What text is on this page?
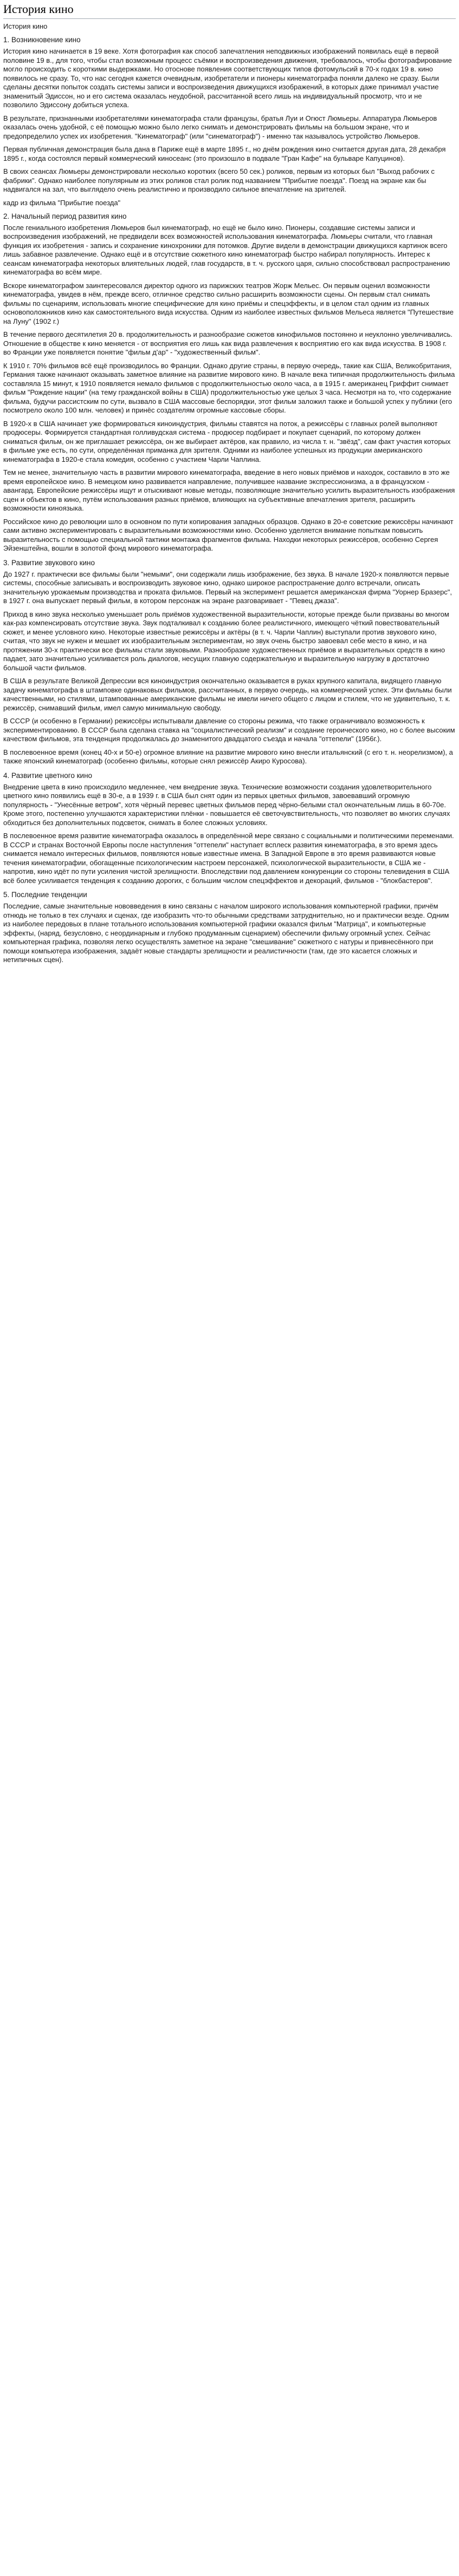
История кино
История кино
1. Возникновение кино

История кино начинается в 19 веке. Хотя фотография как способ запечатления неподвижных изображений появилась ещё в первой половине 19 в., для того, чтобы стал возможным процесс съёмки и воспроизведения движения, требовалось, чтобы фотографирование могло происходить с короткими выдержками. Но отоснове появления соответствующих типов фотомульсий в 70-х годах 19 в. кино появилось не сразу. То, что нас сегодня кажется очевидным, изобретатели и пионеры кинематографа поняли далеко не сразу. Были сделаны десятки попыток создать системы записи и воспроизведения движущихся изображений, в которых даже принимал участие знаменитый Эдиссон, но и его система оказалась неудобной, рассчитанной всего лишь на индивидуальный просмотр, что и не позволило Эдиссону добиться успеха.

В результате, признанными изобретателями кинематографа стали французы, братья Луи и Огюст Люмьеры. Аппаратура Люмьеров оказалась очень удобной, с её помощью можно было легко снимать и демонстрировать фильмы на большом экране, что и предопределило успех их изобретения. "Кинематограф" (или "синематограф") - именно так называлось устройство Люмьеров.

Первая публичная демонстрация была дана в Париже ещё в марте 1895 г., но днём рождения кино считается другая дата, 28 декабря 1895 г., когда состоялся первый коммерческий киносеанс (это произошло в подвале "Гран Кафе" на бульваре Капуцинов).

В своих сеансах Люмьеры демонстрировали несколько коротких (всего 50 сек.) роликов, первым из которых был "Выход рабочих с фабрики". Однако наиболее популярным из этих роликов стал ролик под названием "Прибытие поезда". Поезд на экране как бы надвигался на зал, что выглядело очень реалистично и производило сильное впечатление на зрителей.

кадр из фильма "Прибытие поезда"
2. Начальный период развития кино

После гениального изобретения Люмьеров был кинематограф, но ещё не было кино. Пионеры, создавшие системы записи и воспроизведения изображений, не предвидели всех возможностей использования кинематографа. Люмьеры считали, что главная функция их изобретения - запись и сохранение кинохроники для потомков. Другие видели в демонстрации движущихся картинок всего лишь забавное развлечение. Однако ещё и в отсутствие сюжетного кино кинематограф быстро набирал популярность. Интерес к сеансам кинематографа некоторых влиятельных людей, глав государств, в т. ч. русского царя, сильно способствовал распространению кинематографа во всём мире.

Вскоре кинематографом заинтересовался директор одного из парижских театров Жорж Мельес. Он первым оценил возможности кинематографа, увидев в нём, прежде всего, отличное средство сильно расширить возможности сцены. Он первым стал снимать фильмы по сценариям, использовать многие специфические для кино приёмы и спецэффекты, и в целом стал одним из главных основоположников кино как самостоятельного вида искусства. Одним из наиболее известных фильмов Мельеса является "Путешествие на Луну" (1902 г.)

В течение первого десятилетия 20 в. продолжительность и разнообразие сюжетов кинофильмов постоянно и неуклонно увеличивались. Отношение в обществе к кино меняется - от восприятия его лишь как вида развлечения к восприятию его как вида искусства. В 1908 г. во Франции уже появляется понятие "фильм д'ар" - "художественный фильм".

К 1910 г. 70% фильмов всё ещё производилось во Франции. Однако другие страны, в первую очередь, такие как США, Великобритания, Германия также начинают оказывать заметное влияние на развитие мирового кино. В начале века типичная продолжительность фильма составляла 15 минут, к 1910 появляется немало фильмов с продолжительностью около часа, а в 1915 г. американец Гриффит снимает фильм "Рождение нации" (на тему гражданской войны в США) продолжительностью уже целых 3 часа. Несмотря на то, что содержание фильма, будучи рассистским по сути, вызвало в США массовые беспорядки, этот фильм заложил также и большой успех у публики (его посмотрело около 100 млн. человек) и принёс создателям огромные кассовые сборы.

В 1920-х в США начинает уже формироваться киноиндустрия, фильмы ставятся на поток, а режиссёры с главных ролей выполняют продюсеры. Формируется стандартная голливудская система - продюсер подбирает и покупает сценарий, по которому должен сниматься фильм, он же приглашает режиссёра, он же выбирает актёров, как правило, из числа т. н. "звёзд", сам факт участия которых в фильме уже есть, по сути, определённая приманка для зрителя. Одними из наиболее успешных из продукции американского кинематографа в 1920-е стала комедия, особенно с участием Чарли Чаплина.

Тем не менее, значительную часть в развитии мирового кинематографа, введение в него новых приёмов и находок, составило в это же время европейское кино. В немецком кино развивается направление, получившее название экспрессионизма, а в французском - авангард. Европейские режиссёры ищут и отыскивают новые методы, позволяющие значительно усилить выразительность изображения сцен и объектов в кино, путём использования разных приёмов, влияющих на субъективные впечатления зрителя, расширить возможности киноязыка.

Российское кино до революции шло в основном по пути копирования западных образцов. Однако в 20-е советские режиссёры начинают сами активно экспериментировать с выразительными возможностями кино. Особенно уделяется внимание попыткам повысить выразительность с помощью специальной тактики монтажа фрагментов фильма. Находки некоторых режиссёров, особенно Сергея Эйзенштейна, вошли в золотой фонд мирового кинематографа.

3. Развитие звукового кино

До 1927 г. практически все фильмы были "немыми", они содержали лишь изображение, без звука. В начале 1920-х появляются первые системы, способные записывать и воспроизводить звуковое кино, однако широкое распространение долго встречали, описать значительную урожаемым производства и проката фильмов. Первый на эксперимент решается американская фирма "Уорнер Бразерс", в 1927 г. она выпускает первый фильм, в котором персонаж на экране разговаривает - "Певец джаза".

Приход в кино звука несколько уменьшает роль приёмов художественной выразительности, которые прежде были призваны во многом как-раз компенсировать отсутствие звука. Звук подталкивал к созданию более реалистичного, имеющего чёткий повествовательный сюжет, и менее условного кино. Некоторые известные режиссёры и актёры (в т. ч. Чарли Чаплин) выступали против звукового кино, считая, что звук не нужен и мешает их изобразительным экспериментам, но звук очень быстро завоевал себе место в кино, и на протяжении 30-х практически все фильмы стали звуковыми. Разнообразие художественных приёмов и выразительных средств в кино падает, зато значительно усиливается роль диалогов, несущих главную содержательную и выразительную нагрузку в достаточно большой части фильмов.

В США в результате Великой Депрессии вся киноиндустрия окончательно оказывается в руках крупного капитала, видящего главную задачу кинематографа в штамповке одинаковых фильмов, рассчитанных, в первую очередь, на коммерческий успех. Эти фильмы были качественными, но стилями, штампованные американские фильмы не имели ничего общего с лицом и стилем, что не удивительно, т. к. режиссёр, снимавший фильм, имел самую минимальную свободу.

В СССР (и особенно в Германии) режиссёры испытывали давление со стороны режима, что также ограничивало возможность к экспериментированию. В СССР была сделана ставка на "социалистический реализм" и создание героического кино, но с более высоким качеством фильмов, эта тенденция продолжалась до знаменитого двадцатого съезда и начала "оттепели" (1956г.).

В послевоенное время (конец 40-х и 50-е) огромное влияние на развитие мирового кино внесли итальянский (с его т. н. неорелизмом), а также японский кинематограф (особенно фильмы, которые снял режиссёр Акиро Куросова).

4. Развитие цветного кино

Внедрение цвета в кино происходило медленнее, чем внедрение звука. Технические возможности создания удовлетворительного цветного кино появились ещё в 30-е, а в 1939 г. в США был снят один из первых цветных фильмов, завоевавший огромную популярность - "Унесённые ветром", хотя чёрный перевес цветных фильмов перед чёрно-белыми стал окончательным лишь в 60-70е. Кроме этого, постепенно улучшаются характеристики плёнки - повышается её светочувствительность, что позволяет во многих случаях обходиться без дополнительных подсветок, снимать в более сложных условиях.

В послевоенное время развитие кинематографа оказалось в определённой мере связано с социальными и политическими переменами. В СССР и странах Восточной Европы после наступления "оттепели" наступает всплеск развития кинематографа, в это время здесь снимается немало интересных фильмов, появляются новые известные имена. В Западной Европе в это время развиваются новые течения кинематографии, обогащенные психологическим настроем персонажей, психологической выразительности, в США же - напротив, кино идёт по пути усиления чистой зрелищности. Впоследствии под давлением конкуренции со стороны телевидения в США всё более усиливается тенденция к созданию дорогих, с большим числом спецэффектов и декораций, фильмов - "блокбастеров".

5. Последние тенденции

Последние, самые значительные нововведения в кино связаны с началом широкого использования компьютерной графики, причём отнюдь не только в тех случаях и сценах, где изобразить что-то обычными средствами затруднительно, но и практически везде. Одним из наиболее передовых в плане тотального использования компьютерной графики оказался фильм "Матрица", и компьютерные эффекты, (наряд, безусловно, с неординарным и глубоко продуманным сценарием) обеспечили фильму огромный успех. Сейчас компьютерная графика, позволяя легко осуществлять заметное на экране "смешивание" сюжетного с натуры и привнесённого при помощи компьютера изображения, задаёт новые стандарты зрелищности и реалистичности (там, где это касается сложных и нетипичных сцен).
